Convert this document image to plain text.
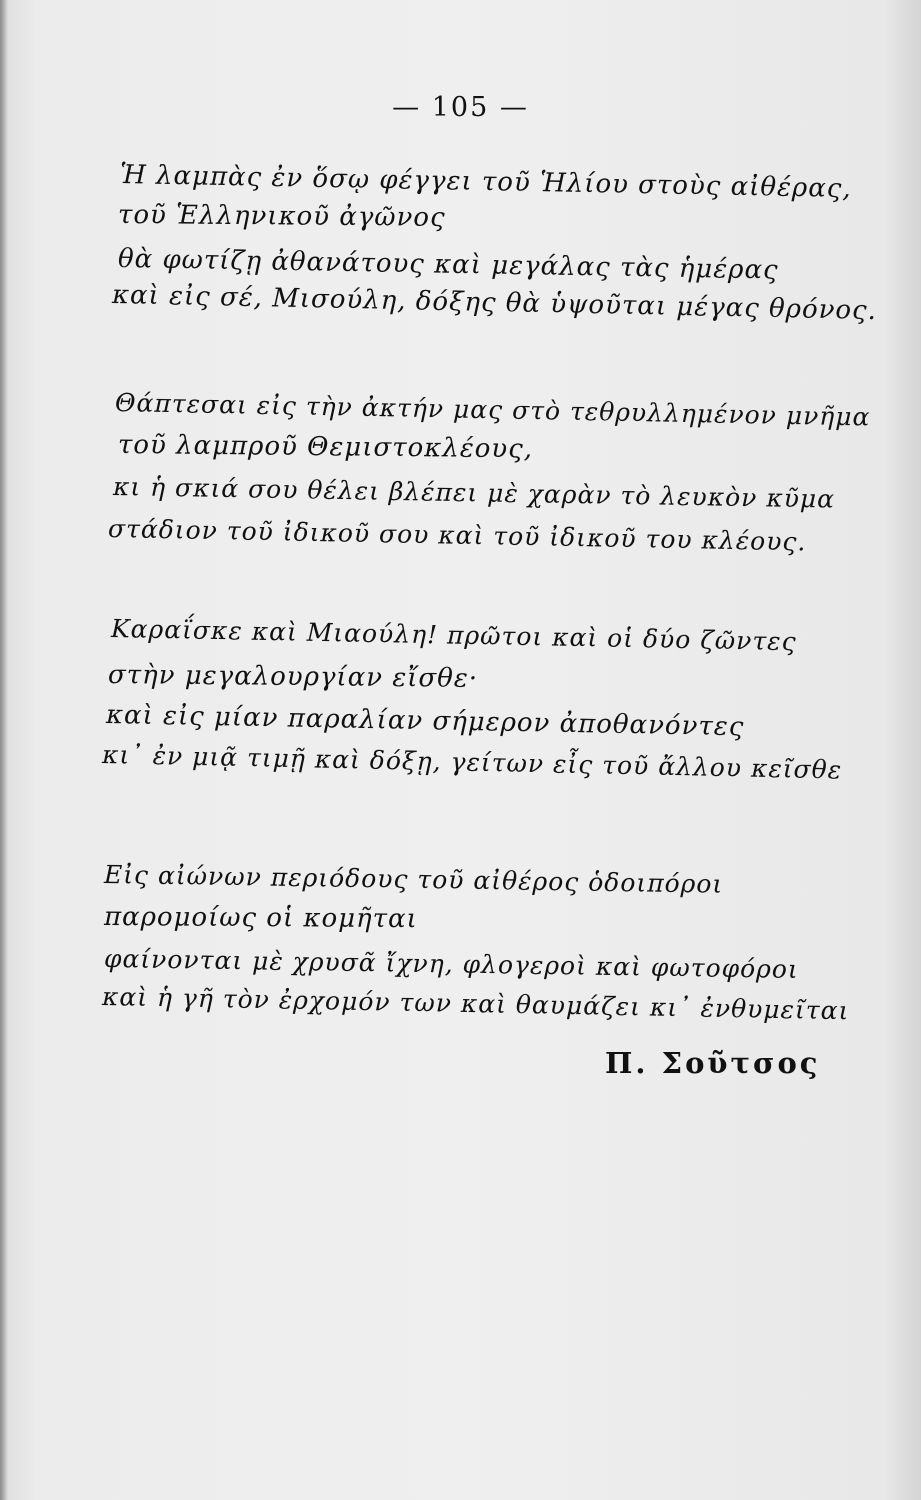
— 105 —
Ἡ λαμπὰς ἐν ὅσῳ φέγγει τοῦ Ἡλίου στοὺς αἰθέρας,
τοῦ Ἑλληνικοῦ ἀγῶνος
θὰ φωτίζῃ ἀθανάτους καὶ μεγάλας τὰς ἡμέρας
καὶ εἰς σέ, Μισούλη, δόξης θὰ ὑψοῦται μέγας θρόνος.
Θάπτεσαι εἰς τὴν ἀκτήν μας στὸ τεθρυλλημένον μνῆμα
τοῦ λαμπροῦ Θεμιστοκλέους,
κι ἡ σκιά σου θέλει βλέπει μὲ χαρὰν τὸ λευκὸν κῦμα
στάδιον τοῦ ἰδικοῦ σου καὶ τοῦ ἰδικοῦ του κλέους.
Καραΐσκε καὶ Μιαούλη! πρῶτοι καὶ οἱ δύο ζῶντες
στὴν μεγαλουργίαν εἴσθε·
καὶ εἰς μίαν παραλίαν σήμερον ἀποθανόντες
κι᾽ ἐν μιᾷ τιμῇ καὶ δόξῃ, γείτων εἶς τοῦ ἄλλου κεῖσθε
Εἰς αἰώνων περιόδους τοῦ αἰθέρος ὁδοιπόροι
παρομοίως οἱ κομῆται
φαίνονται μὲ χρυσᾶ ἴχνη, φλογεροὶ καὶ φωτοφόροι
καὶ ἡ γῆ τὸν ἐρχομόν των καὶ θαυμάζει κι᾽ ἐνθυμεῖται
Π. Σοῦτσος
